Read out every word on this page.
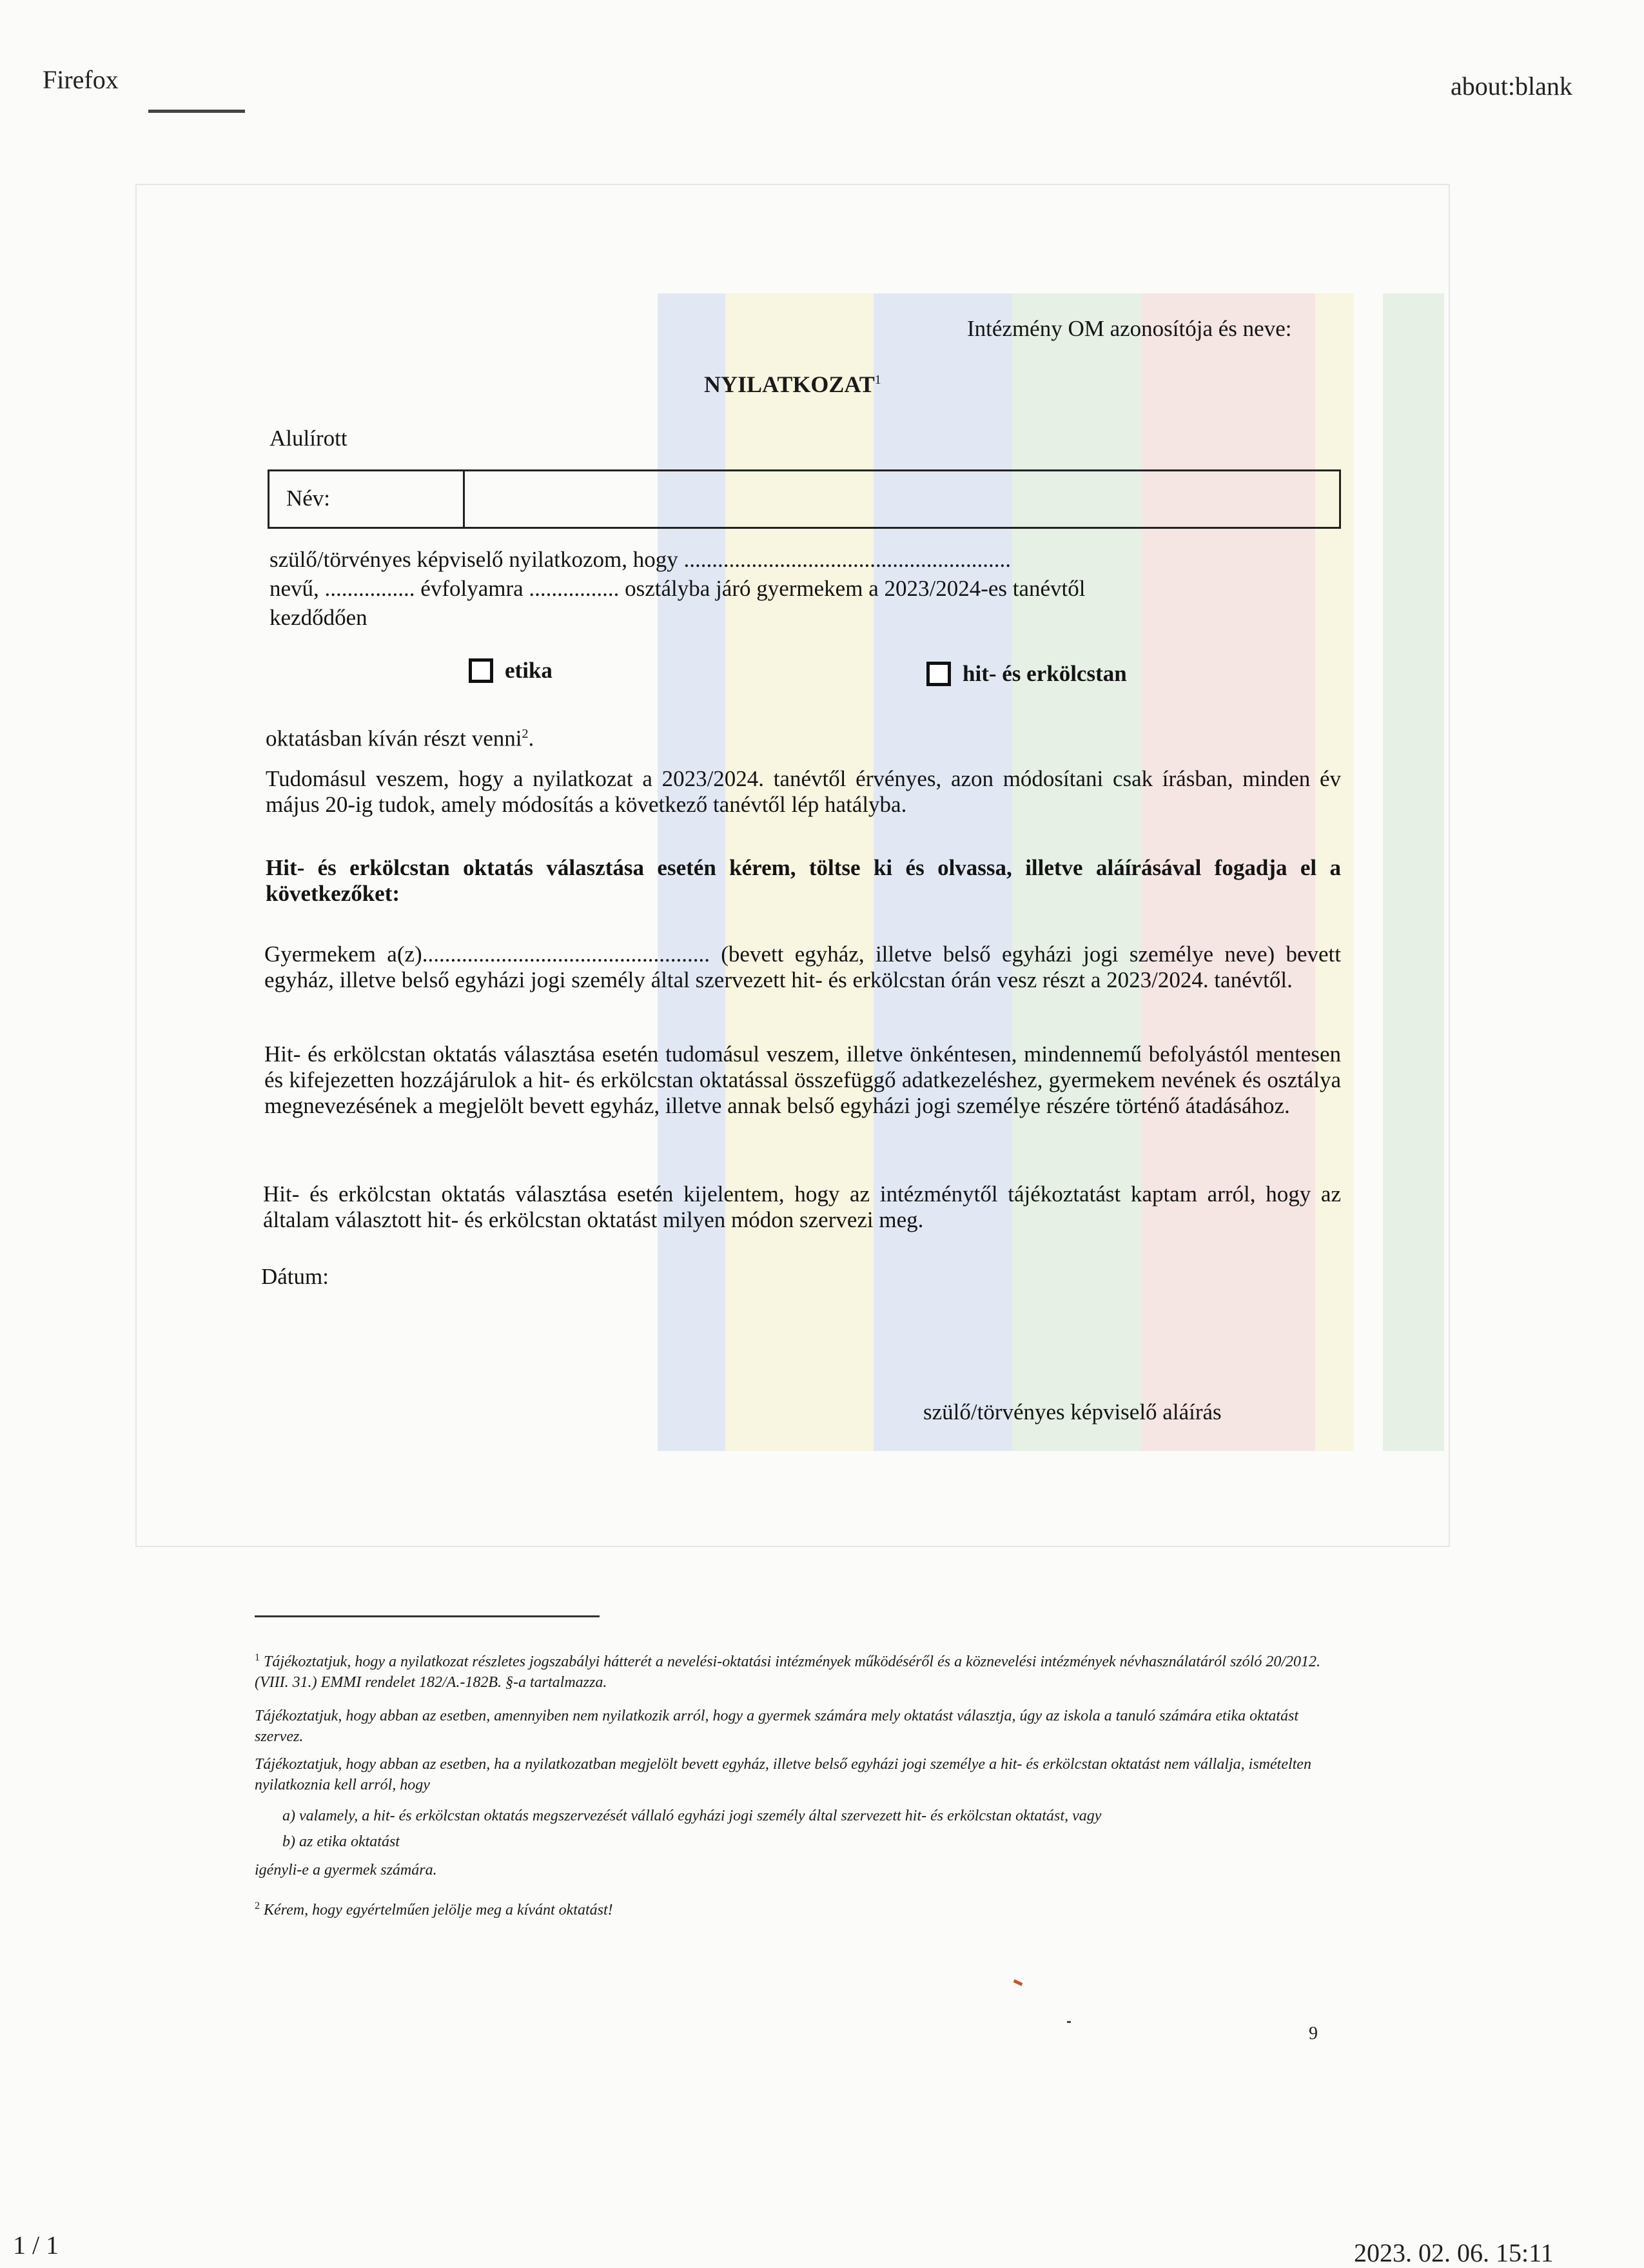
Firefox	about:blank
1 / 1	2023. 02. 06. 15:11
Intézmény OM azonosítója és neve:
NYILATKOZAT$^1$
Alulírott
Név:
szülő/törvényes képviselő nyilatkozom, hogy ..........................................................
nevű, ................ évfolyamra ................ osztályba járó gyermekem a 2023/2024-es tanévtől
kezdődően
etika	hit- és erkölcstan
oktatásban kíván részt venni$^2$.
Tudomásul veszem, hogy a nyilatkozat a 2023/2024. tanévtől érvényes, azon módosítani csak írásban, minden év május 20-ig tudok, amely módosítás a következő tanévtől lép hatályba.
Hit- és erkölcstan oktatás választása esetén kérem, töltse ki és olvassa, illetve aláírásával fogadja el a következőket:
Gyermekem a(z)................................................... (bevett egyház, illetve belső egyházi jogi személye neve) bevett egyház, illetve belső egyházi jogi személy által szervezett hit- és erkölcstan órán vesz részt a 2023/2024. tanévtől.
Hit- és erkölcstan oktatás választása esetén tudomásul veszem, illetve önkéntesen, mindennemű befolyástól mentesen és kifejezetten hozzájárulok a hit- és erkölcstan oktatással összefüggő adatkezeléshez, gyermekem nevének és osztálya megnevezésének a megjelölt bevett egyház, illetve annak belső egyházi jogi személye részére történő átadásához.
Hit- és erkölcstan oktatás választása esetén kijelentem, hogy az intézménytől tájékoztatást kaptam arról, hogy az általam választott hit- és erkölcstan oktatást milyen módon szervezi meg.
Dátum:
szülő/törvényes képviselő aláírás
$^1$ Tájékoztatjuk, hogy a nyilatkozat részletes jogszabályi hátterét a nevelési-oktatási intézmények működéséről és a köznevelési intézmények névhasználatáról szóló 20/2012. (VIII. 31.) EMMI rendelet 182/A.-182B. §-a tartalmazza.
Tájékoztatjuk, hogy abban az esetben, amennyiben nem nyilatkozik arról, hogy a gyermek számára mely oktatást választja, úgy az iskola a tanuló számára etika oktatást szervez.
Tájékoztatjuk, hogy abban az esetben, ha a nyilatkozatban megjelölt bevett egyház, illetve belső egyházi jogi személye a hit- és erkölcstan oktatást nem vállalja, ismételten nyilatkoznia kell arról, hogy
a) valamely, a hit- és erkölcstan oktatás megszervezését vállaló egyházi jogi személy által szervezett hit- és erkölcstan oktatást, vagy
b) az etika oktatást
igényli-e a gyermek számára.
$^2$ Kérem, hogy egyértelműen jelölje meg a kívánt oktatást!
9
